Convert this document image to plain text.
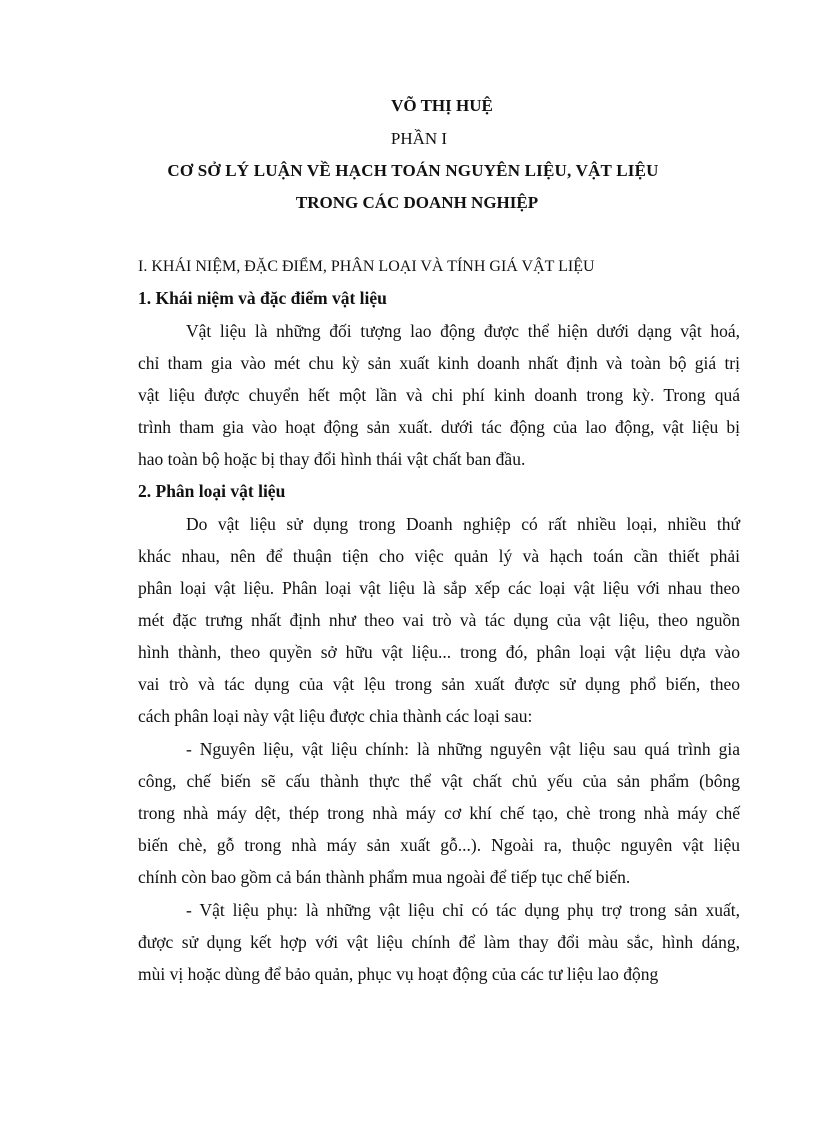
VÕ THỊ HUỆ
PHẦN I
CƠ SỞ LÝ LUẬN VỀ HẠCH TOÁN NGUYÊN LIỆU, VẬT LIỆU
TRONG CÁC DOANH NGHIỆP
I. KHÁI NIỆM, ĐẶC ĐIỂM, PHÂN LOẠI VÀ TÍNH GIÁ VẬT LIỆU
1. Khái niệm và đặc điểm vật liệu
Vật liệu là những đối tượng lao động được thể hiện dưới dạng vật hoá,
chỉ tham gia vào mét chu kỳ sản xuất kinh doanh nhất định và toàn bộ giá trị
vật liệu được chuyển hết một lần và chi phí kinh doanh trong kỳ. Trong quá
trình tham gia vào hoạt động sản xuất. dưới tác động của lao động, vật liệu bị
hao toàn bộ hoặc bị thay đổi hình thái vật chất ban đầu.
2. Phân loại vật liệu
Do vật liệu sử dụng trong Doanh nghiệp có rất nhiều loại, nhiều thứ
khác nhau, nên để thuận tiện cho việc quản lý và hạch toán cần thiết phải
phân loại vật liệu. Phân loại vật liệu là sắp xếp các loại vật liệu với nhau theo
mét đặc trưng nhất định như theo vai trò và tác dụng của vật liệu, theo nguồn
hình thành, theo quyền sở hữu vật liệu... trong đó, phân loại vật liệu dựa vào
vai trò và tác dụng của vật lệu trong sản xuất được sử dụng phổ biến, theo
cách phân loại này vật liệu được chia thành các loại sau:
- Nguyên liệu, vật liệu chính: là những nguyên vật liệu sau quá trình gia
công, chế biến sẽ cấu thành thực thể vật chất chủ yếu của sản phẩm (bông
trong nhà máy dệt, thép trong nhà máy cơ khí chế tạo, chè trong nhà máy chế
biến chè, gỗ trong nhà máy sản xuất gỗ...). Ngoài ra, thuộc nguyên vật liệu
chính còn bao gồm cả bán thành phẩm mua ngoài để tiếp tục chế biến.
- Vật liệu phụ: là những vật liệu chỉ có tác dụng phụ trợ trong sản xuất,
được sử dụng kết hợp với vật liệu chính để làm thay đổi màu sắc, hình dáng,
mùi vị hoặc dùng để bảo quản, phục vụ hoạt động của các tư liệu lao động
